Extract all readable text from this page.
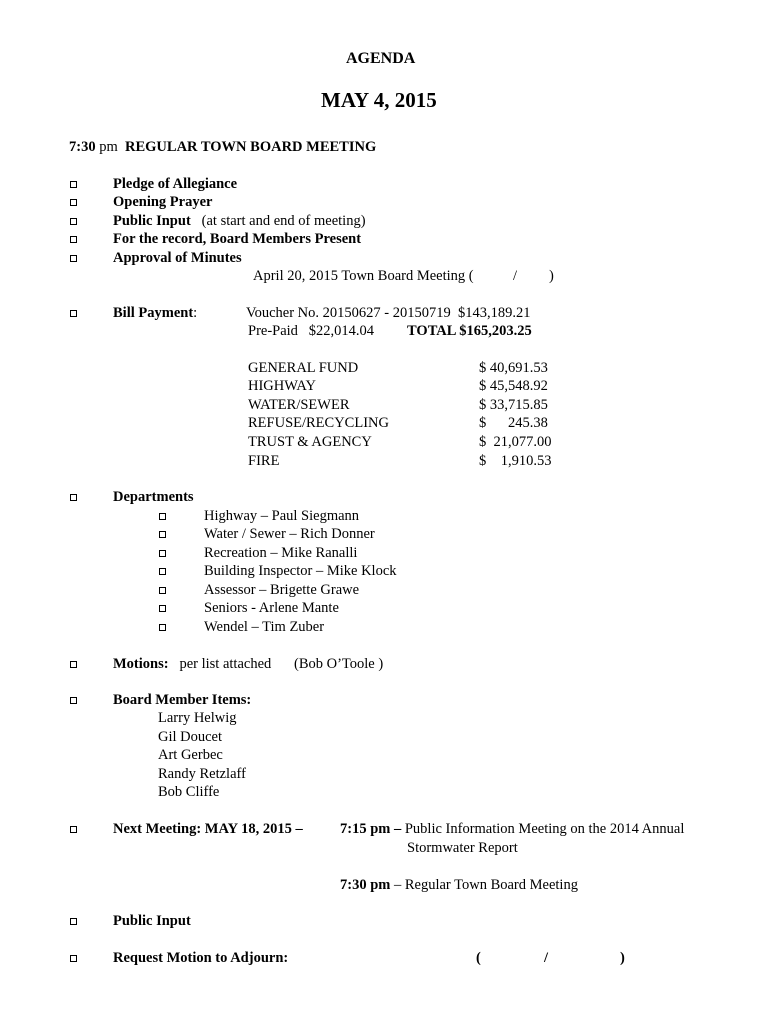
AGENDA
MAY 4, 2015
7:30 pm REGULAR TOWN BOARD MEETING
Pledge of Allegiance
Opening Prayer
Public Input (at start and end of meeting)
For the record, Board Members Present
Approval of Minutes
April 20, 2015 Town Board Meeting (	/ )
Bill Payment:	Voucher No. 20150627 - 20150719  $143,189.21
Pre-Paid   $22,014.04 TOTAL $165,203.25
GENERAL FUND	$ 40,691.53
HIGHWAY	$ 45,548.92
WATER/SEWER	$ 33,715.85
REFUSE/RECYCLING	$      245.38
TRUST & AGENCY	$  21,077.00
FIRE	$    1,910.53
Departments
Highway – Paul Siegmann
Water / Sewer – Rich Donner
Recreation – Mike Ranalli
Building Inspector – Mike Klock
Assessor – Brigette Grawe
Seniors - Arlene Mante
Wendel – Tim Zuber
Motions: per list attached (Bob O’Toole )
Board Member Items:
Larry Helwig
Gil Doucet
Art Gerbec
Randy Retzlaff
Bob Cliffe
Next Meeting: MAY 18, 2015 –	7:15 pm – Public Information Meeting on the 2014 Annual
Stormwater Report
7:30 pm – Regular Town Board Meeting
Public Input
Request Motion to Adjourn:	(	/	)
